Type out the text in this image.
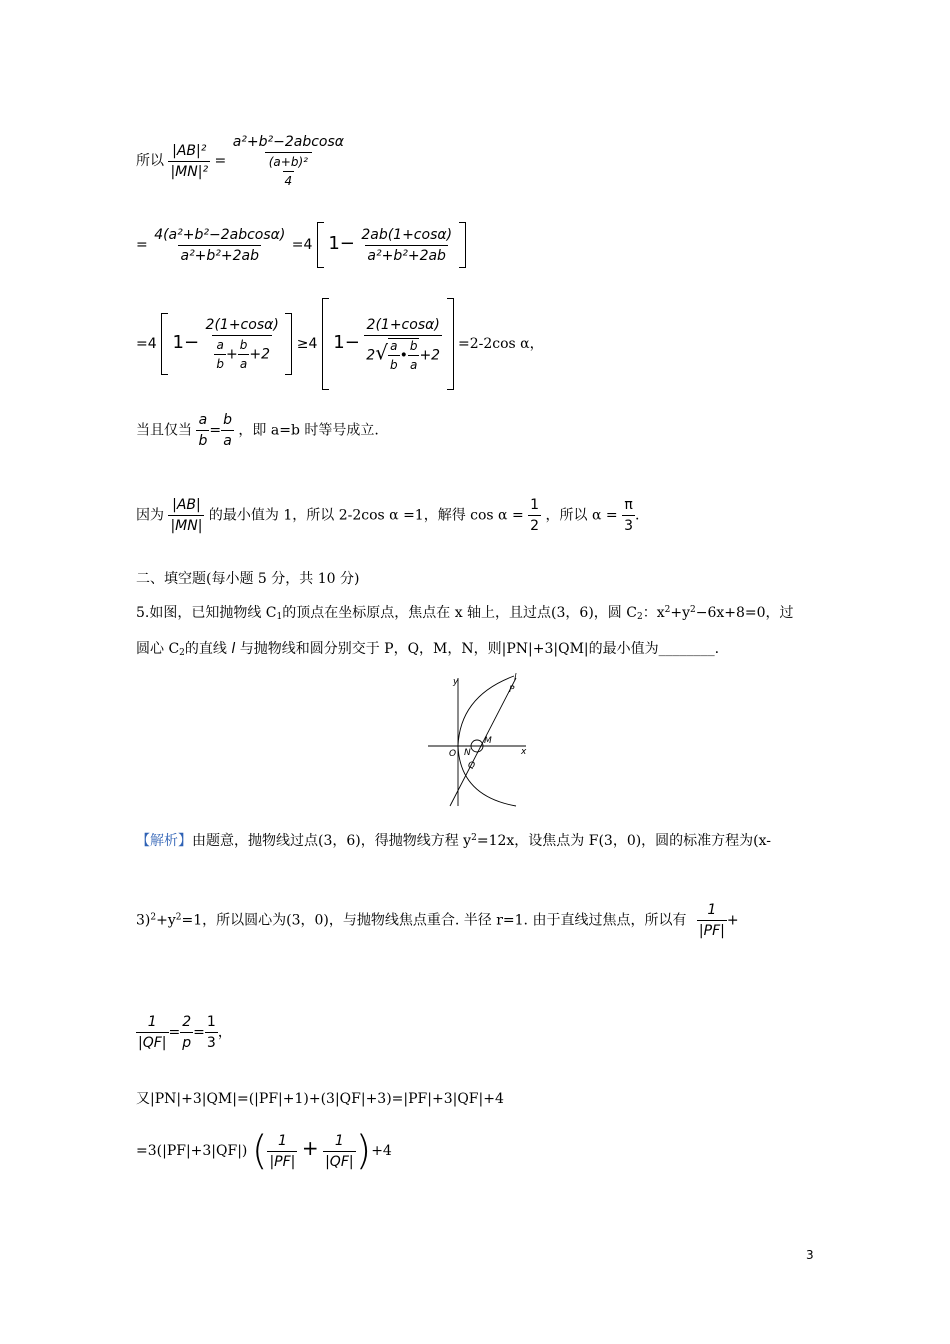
所以 $\frac{\text{|AB|²}}{\text{|MN|²}} = \frac{\text{a²+b²−2abcosα}}{\frac{\text{(a+b)²}}{4}}$
= $\frac{\text{4(a²+b²−2abcosα)}}{\text{a²+b²+2ab}} =4$ $1- \frac{2ab(1+\cos\alpha)}{\text{a²+b²+2ab}}$

=4 $1- \frac{2(1+\cos\alpha)}{\frac{a}{b} + \frac{b}{a} +2} \ge 4$ $1- \frac{2(1+\cos\alpha)}{2√ \frac{a}{b} • \frac{b}{a} +2} =2-2\cos$ α，
当且仅当 $\frac{a}{b} = \frac{b}{a}$ ，即 a=b 时等号成立.
因为 $\frac{|AB|}{|MN|}$ 的最小值为 1，所以 2-2cos α =1，解得 $\cos \alpha = \frac{1}{2}$ ，所以 $\alpha = \frac{\pi}{3}$ .
二、填空题(每小题 5 分，共 10 分)
5.如图，已知抛物线 $C_1$的顶点在坐标原点，焦点在 x 轴上，且过点(3，6)，圆 $C_2$：$x^2+y^2-6x+8=0$，过
圆心 $C_2$的直线 l 与抛物线和圆分别交于 P，Q，M，N，则|PN|+3|QM|的最小值为________.
y	l
P
M
O N
Q
x
【解析】由题意，抛物线过点(3，6)，得抛物线方程 $y^2=12x$，设焦点为 F(3，0)，圆的标准方程为(x-
$3)^2+y^2=1$，所以圆心为(3，0)，与抛物线焦点重合. 半径 r=1. 由于直线过焦点，所以有 $\frac{1}{|PF|}$ +
$\frac{1}{|QF|} = \frac{2}{p} = \frac{1}{3}$ ，
又|PN|+3|QM|=(|PF|+1)+(3|QF|+3)=|PF|+3|QF|+4
=3(|PF|+3|QF|) ( $\frac{1}{|PF|} + \frac{1}{|QF|} )+4$
3
